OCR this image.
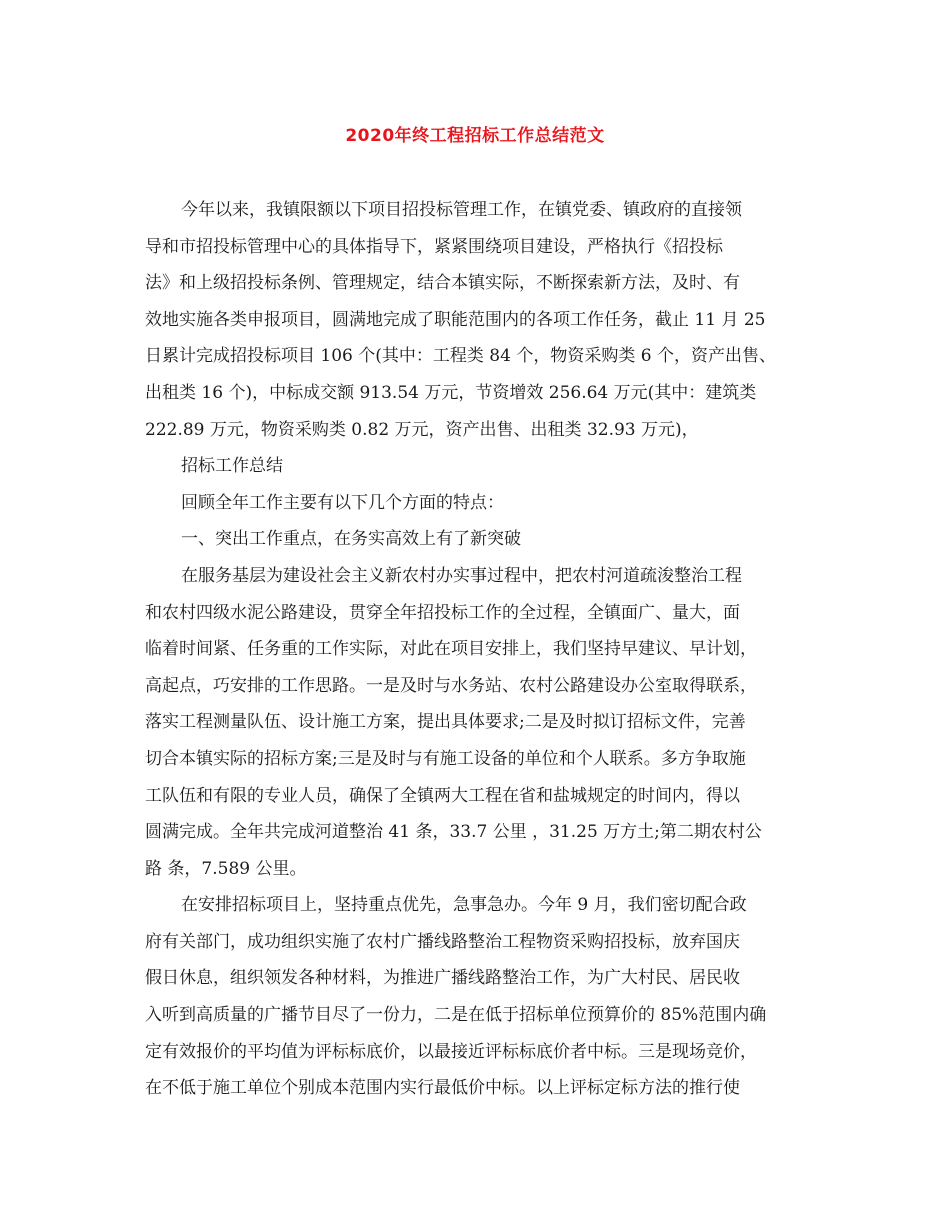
2020年终工程招标工作总结范文
今年以来，我镇限额以下项目招投标管理工作，在镇党委、镇政府的直接领
导和市招投标管理中心的具体指导下，紧紧围绕项目建设，严格执行《招投标
法》和上级招投标条例、管理规定，结合本镇实际，不断探索新方法，及时、有
效地实施各类申报项目，圆满地完成了职能范围内的各项工作任务，截止 11 月 25
日累计完成招投标项目 106 个(其中：工程类 84 个，物资采购类 6 个，资产出售、
出租类 16 个)，中标成交额 913.54 万元，节资增效 256.64 万元(其中：建筑类
222.89 万元，物资采购类 0.82 万元，资产出售、出租类 32.93 万元)，
招标工作总结
回顾全年工作主要有以下几个方面的特点：
一、突出工作重点，在务实高效上有了新突破
在服务基层为建设社会主义新农村办实事过程中，把农村河道疏浚整治工程
和农村四级水泥公路建设，贯穿全年招投标工作的全过程，全镇面广、量大，面
临着时间紧、任务重的工作实际，对此在项目安排上，我们坚持早建议、早计划，
高起点，巧安排的工作思路。一是及时与水务站、农村公路建设办公室取得联系，
落实工程测量队伍、设计施工方案，提出具体要求;二是及时拟订招标文件，完善
切合本镇实际的招标方案;三是及时与有施工设备的单位和个人联系。多方争取施
工队伍和有限的专业人员，确保了全镇两大工程在省和盐城规定的时间内，得以
圆满完成。全年共完成河道整治 41 条，33.7 公里 ，31.25 万方土;第二期农村公
路 条，7.589 公里。
在安排招标项目上，坚持重点优先，急事急办。今年 9 月，我们密切配合政
府有关部门，成功组织实施了农村广播线路整治工程物资采购招投标，放弃国庆
假日休息，组织领发各种材料，为推进广播线路整治工作，为广大村民、居民收
入听到高质量的广播节目尽了一份力，二是在低于招标单位预算价的 85%范围内确
定有效报价的平均值为评标标底价，以最接近评标标底价者中标。三是现场竞价，
在不低于施工单位个别成本范围内实行最低价中标。以上评标定标方法的推行使
